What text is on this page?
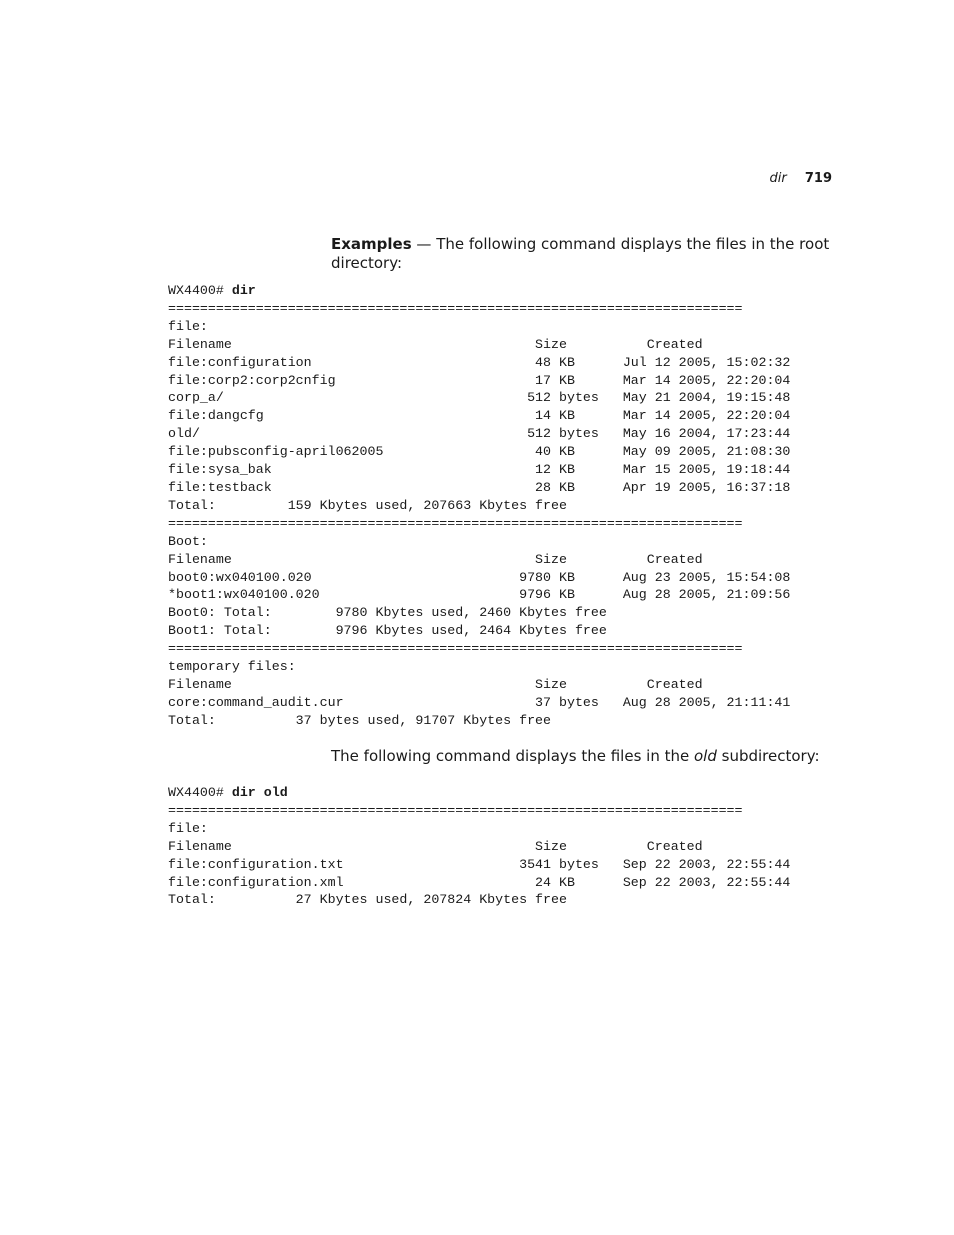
dir 719

Examples — The following command displays the files in the root directory:

WX4400# dir
========================================================================
file:
Filename                                      Size          Created
file:configuration                            48 KB      Jul 12 2005, 15:02:32
file:corp2:corp2cnfig                         17 KB      Mar 14 2005, 22:20:04
corp_a/                                      512 bytes   May 21 2004, 19:15:48
file:dangcfg                                  14 KB      Mar 14 2005, 22:20:04
old/                                         512 bytes   May 16 2004, 17:23:44
file:pubsconfig-april062005                   40 KB      May 09 2005, 21:08:30
file:sysa_bak                                 12 KB      Mar 15 2005, 19:18:44
file:testback                                 28 KB      Apr 19 2005, 16:37:18
Total:         159 Kbytes used, 207663 Kbytes free
========================================================================
Boot:
Filename                                      Size          Created
boot0:wx040100.020                          9780 KB      Aug 23 2005, 15:54:08
*boot1:wx040100.020                         9796 KB      Aug 28 2005, 21:09:56
Boot0: Total:        9780 Kbytes used, 2460 Kbytes free
Boot1: Total:        9796 Kbytes used, 2464 Kbytes free
========================================================================
temporary files:
Filename                                      Size          Created
core:command_audit.cur                        37 bytes   Aug 28 2005, 21:11:41
Total:          37 bytes used, 91707 Kbytes free

The following command displays the files in the old subdirectory:

WX4400# dir old
========================================================================
file:
Filename                                      Size          Created
file:configuration.txt                      3541 bytes   Sep 22 2003, 22:55:44
file:configuration.xml                        24 KB      Sep 22 2003, 22:55:44
Total:          27 Kbytes used, 207824 Kbytes free
